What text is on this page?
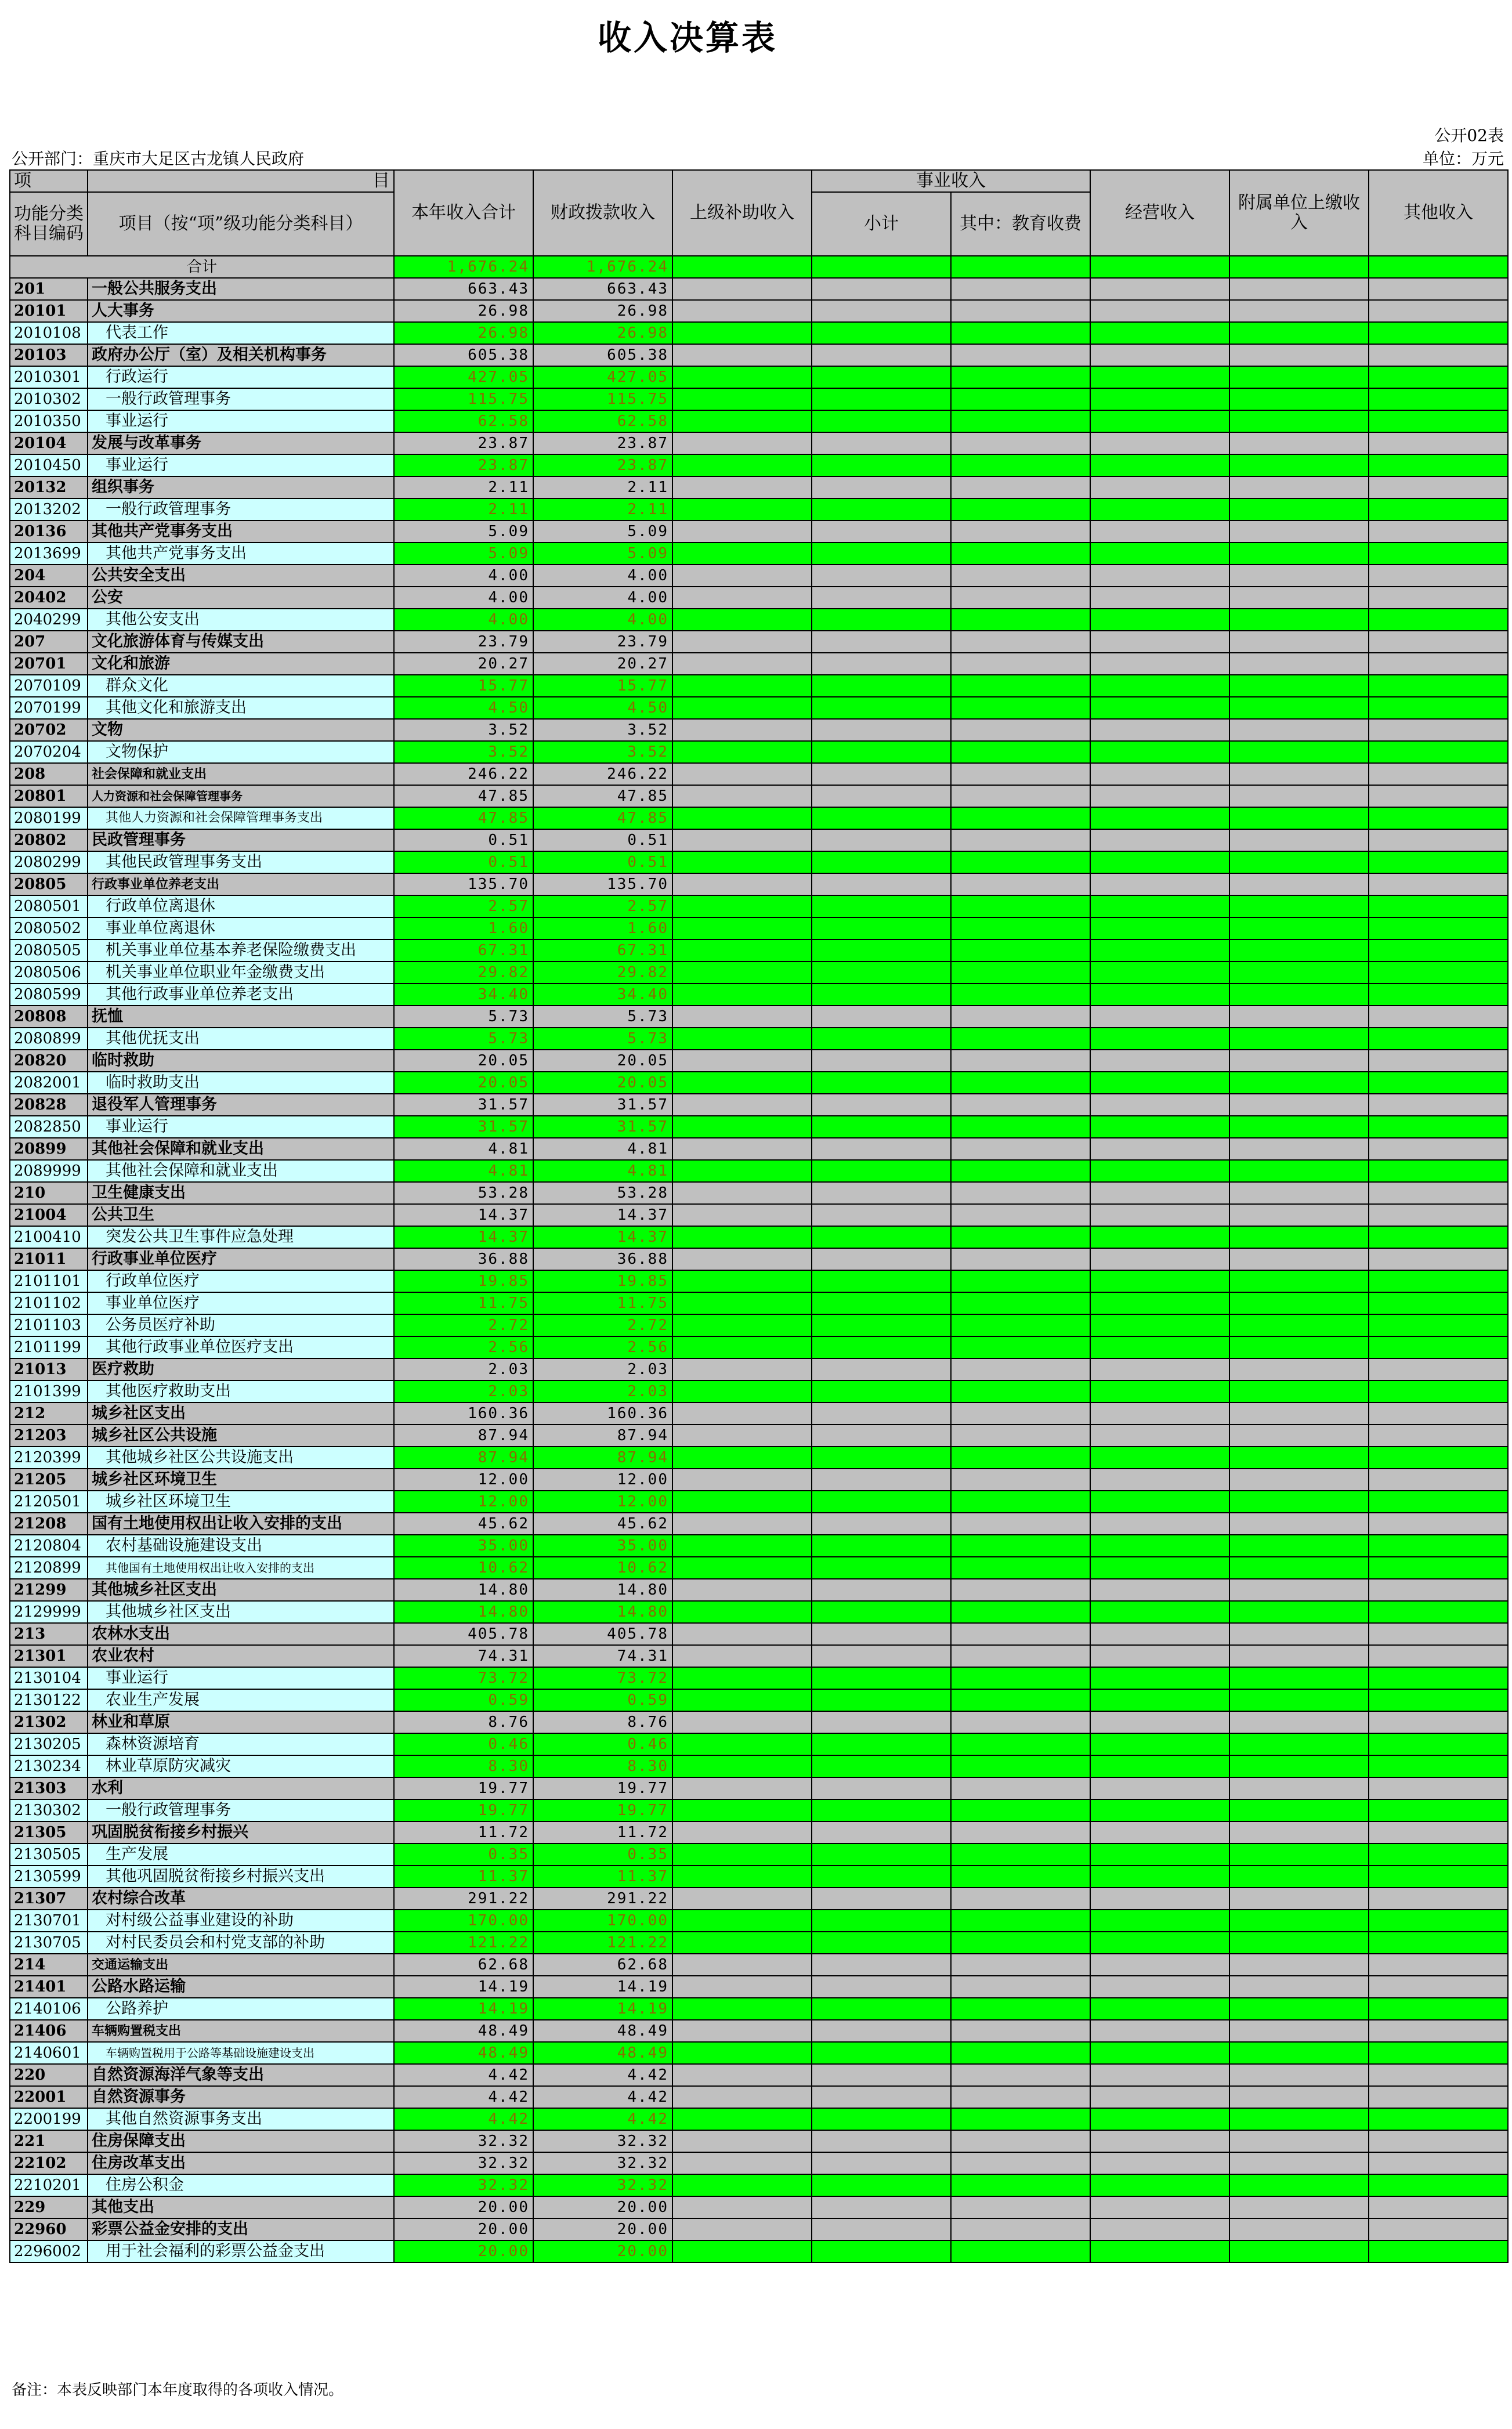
收入决算表
公开02表
公开部门：重庆市大足区古龙镇人民政府	单位：万元
项	目	本年收入合计	财政拨款收入	上级补助收入	事业收入		经营收入	附属单位上缴收入	其他收入
功能分类科目编码	项目（按“项”级功能分类科目）				小计	其中：教育收费			

合计		1,676.24	1,676.24						
201	一般公共服务支出	663.43	663.43						
20101	人大事务	26.98	26.98						
2010108	代表工作	26.98	26.98						
20103	政府办公厅（室）及相关机构事务	605.38	605.38						
2010301	行政运行	427.05	427.05						
2010302	一般行政管理事务	115.75	115.75						
2010350	事业运行	62.58	62.58						
20104	发展与改革事务	23.87	23.87						
2010450	事业运行	23.87	23.87						
20132	组织事务	2.11	2.11						
2013202	一般行政管理事务	2.11	2.11						
20136	其他共产党事务支出	5.09	5.09						
2013699	其他共产党事务支出	5.09	5.09						
204	公共安全支出	4.00	4.00						
20402	公安	4.00	4.00						
2040299	其他公安支出	4.00	4.00						
207	文化旅游体育与传媒支出	23.79	23.79						
20701	文化和旅游	20.27	20.27						
2070109	群众文化	15.77	15.77						
2070199	其他文化和旅游支出	4.50	4.50						
20702	文物	3.52	3.52						
2070204	文物保护	3.52	3.52						
208	社会保障和就业支出	246.22	246.22						
20801	人力资源和社会保障管理事务	47.85	47.85						
2080199	其他人力资源和社会保障管理事务支出	47.85	47.85						
20802	民政管理事务	0.51	0.51						
2080299	其他民政管理事务支出	0.51	0.51						
20805	行政事业单位养老支出	135.70	135.70						
2080501	行政单位离退休	2.57	2.57						
2080502	事业单位离退休	1.60	1.60						
2080505	机关事业单位基本养老保险缴费支出	67.31	67.31						
2080506	机关事业单位职业年金缴费支出	29.82	29.82						
2080599	其他行政事业单位养老支出	34.40	34.40						
20808	抚恤	5.73	5.73						
2080899	其他优抚支出	5.73	5.73						
20820	临时救助	20.05	20.05						
2082001	临时救助支出	20.05	20.05						
20828	退役军人管理事务	31.57	31.57						
2082850	事业运行	31.57	31.57						
20899	其他社会保障和就业支出	4.81	4.81						
2089999	其他社会保障和就业支出	4.81	4.81						
210	卫生健康支出	53.28	53.28						
21004	公共卫生	14.37	14.37						
2100410	突发公共卫生事件应急处理	14.37	14.37						
21011	行政事业单位医疗	36.88	36.88						
2101101	行政单位医疗	19.85	19.85						
2101102	事业单位医疗	11.75	11.75						
2101103	公务员医疗补助	2.72	2.72						
2101199	其他行政事业单位医疗支出	2.56	2.56						
21013	医疗救助	2.03	2.03						
2101399	其他医疗救助支出	2.03	2.03						
212	城乡社区支出	160.36	160.36						
21203	城乡社区公共设施	87.94	87.94						
2120399	其他城乡社区公共设施支出	87.94	87.94						
21205	城乡社区环境卫生	12.00	12.00						
2120501	城乡社区环境卫生	12.00	12.00						
21208	国有土地使用权出让收入安排的支出	45.62	45.62						
2120804	农村基础设施建设支出	35.00	35.00						
2120899	其他国有土地使用权出让收入安排的支出	10.62	10.62						
21299	其他城乡社区支出	14.80	14.80						
2129999	其他城乡社区支出	14.80	14.80						
213	农林水支出	405.78	405.78						
21301	农业农村	74.31	74.31						
2130104	事业运行	73.72	73.72						
2130122	农业生产发展	0.59	0.59						
21302	林业和草原	8.76	8.76						
2130205	森林资源培育	0.46	0.46						
2130234	林业草原防灾减灾	8.30	8.30						
21303	水利	19.77	19.77						
2130302	一般行政管理事务	19.77	19.77						
21305	巩固脱贫衔接乡村振兴	11.72	11.72						
2130505	生产发展	0.35	0.35						
2130599	其他巩固脱贫衔接乡村振兴支出	11.37	11.37						
21307	农村综合改革	291.22	291.22						
2130701	对村级公益事业建设的补助	170.00	170.00						
2130705	对村民委员会和村党支部的补助	121.22	121.22						
214	交通运输支出	62.68	62.68						
21401	公路水路运输	14.19	14.19						
2140106	公路养护	14.19	14.19						
21406	车辆购置税支出	48.49	48.49						
2140601	车辆购置税用于公路等基础设施建设支出	48.49	48.49						
220	自然资源海洋气象等支出	4.42	4.42						
22001	自然资源事务	4.42	4.42						
2200199	其他自然资源事务支出	4.42	4.42						
221	住房保障支出	32.32	32.32						
22102	住房改革支出	32.32	32.32						
2210201	住房公积金	32.32	32.32						
229	其他支出	20.00	20.00						
22960	彩票公益金安排的支出	20.00	20.00						
2296002	用于社会福利的彩票公益金支出	20.00	20.00						
备注：本表反映部门本年度取得的各项收入情况。
